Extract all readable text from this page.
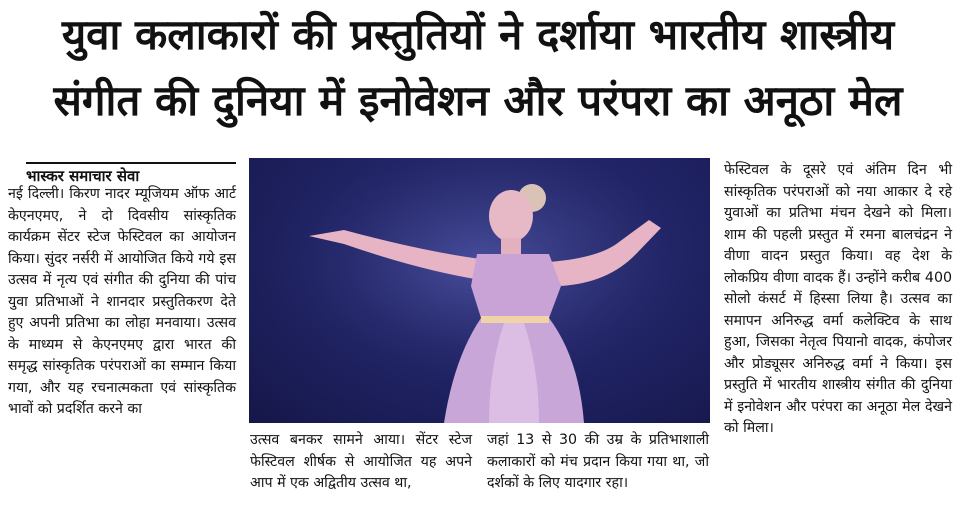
युवा कलाकारों की प्रस्तुतियों ने दर्शाया भारतीय शास्त्रीय
संगीत की दुनिया में इनोवेशन और परंपरा का अनूठा मेल
भास्कर समाचार सेवा
नई दिल्ली। किरण नादर म्यूजियम ऑफ आर्ट केएनएमए, ने दो दिवसीय सांस्कृतिक कार्यक्रम सेंटर स्टेज फेस्टिवल का आयोजन किया। सुंदर नर्सरी में आयोजित किये गये इस उत्सव में नृत्य एवं संगीत की दुनिया की पांच युवा प्रतिभाओं ने शानदार प्रस्तुतिकरण देते हुए अपनी प्रतिभा का लोहा मनवाया। उत्सव के माध्यम से केएनएमए द्वारा भारत की समृद्ध सांस्कृतिक परंपराओं का सम्मान किया गया, और यह रचनात्मकता एवं सांस्कृतिक भावों को प्रदर्शित करने का
उत्सव बनकर सामने आया। सेंटर स्टेज फेस्टिवल शीर्षक से आयोजित यह अपने आप में एक अद्वितीय उत्सव था,
जहां 13 से 30 की उम्र के प्रतिभाशाली कलाकारों को मंच प्रदान किया गया था, जो दर्शकों के लिए यादगार रहा।
फेस्टिवल के दूसरे एवं अंतिम दिन भी सांस्कृतिक परंपराओं को नया आकार दे रहे युवाओं का प्रतिभा मंचन देखने को मिला। शाम की पहली प्रस्तुत में रमना बालचंद्रन ने वीणा वादन प्रस्तुत किया। वह देश के लोकप्रिय वीणा वादक हैं। उन्होंने करीब 400 सोलो कंसर्ट में हिस्सा लिया है। उत्सव का समापन अनिरुद्ध वर्मा कलेक्टिव के साथ हुआ, जिसका नेतृत्व पियानो वादक, कंपोजर और प्रोड्यूसर अनिरुद्ध वर्मा ने किया। इस प्रस्तुति में भारतीय शास्त्रीय संगीत की दुनिया में इनोवेशन और परंपरा का अनूठा मेल देखने को मिला।
